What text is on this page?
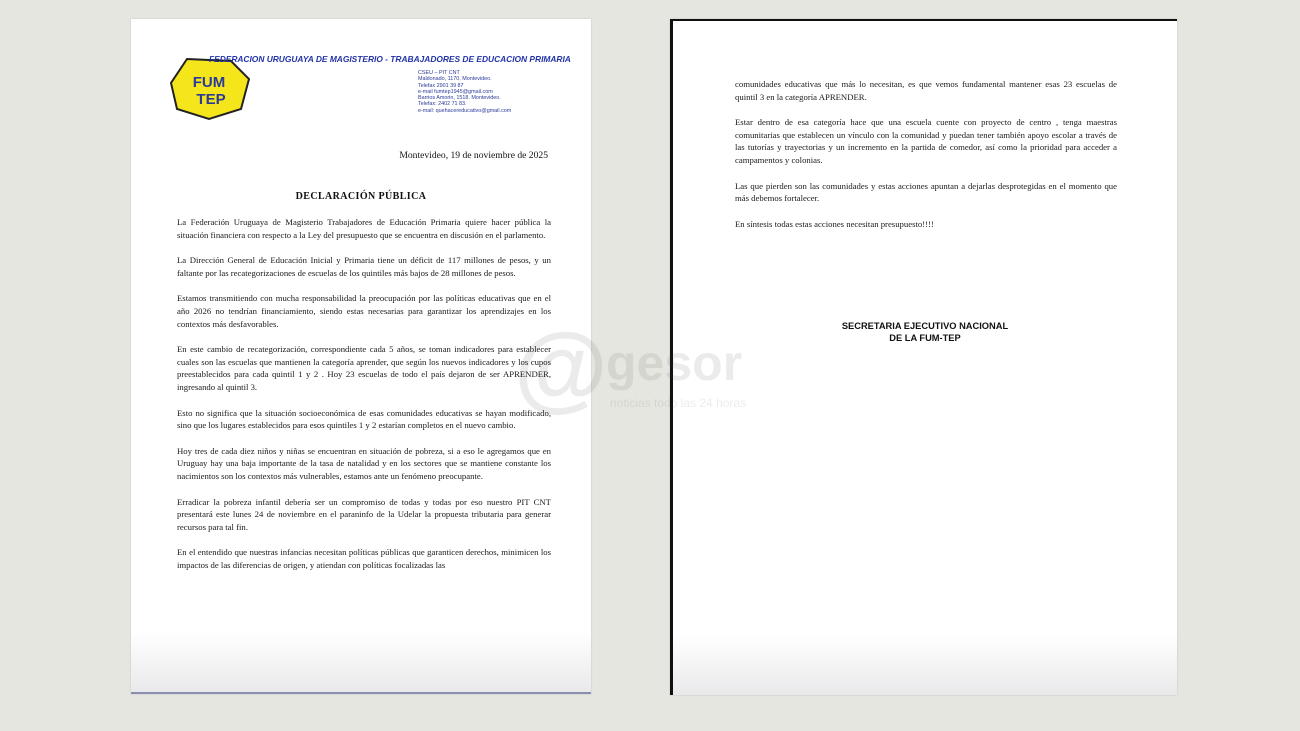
FUM
TEP
FEDERACION URUGUAYA DE MAGISTERIO - TRABAJADORES DE EDUCACION PRIMARIA
CSEU – PIT CNT
Maldonado, 1170. Montevideo.
Telefax 2901 39 87
e-mail fumtep1945@gmail.com
Barrios Amorin, 1518. Montevideo.
Telefax: 2402 71 83.
e-mail: quehacereducativo@gmail.com
Montevideo, 19 de noviembre de 2025
DECLARACIÓN PÚBLICA

La Federación Uruguaya de Magisterio Trabajadores de Educación Primaria quiere hacer pública la situación financiera con respecto a la Ley del presupuesto que se encuentra en discusión en el parlamento.

La Dirección General de Educación Inicial y Primaria tiene un déficit de 117 millones de pesos, y un faltante por las recategorizaciones de escuelas de los quintiles más bajos de 28 millones de pesos.

Estamos transmitiendo con mucha responsabilidad la preocupación por las políticas educativas que en el año 2026 no tendrían financiamiento, siendo estas necesarias para garantizar los aprendizajes en los contextos más desfavorables.

En este cambio de recategorización, correspondiente cada 5 años, se toman indicadores para establecer cuales son las escuelas que mantienen la categoría aprender, que según los nuevos indicadores y los cupos preestablecidos para cada quintil 1 y 2 . Hoy 23 escuelas de todo el país dejaron de ser APRENDER, ingresando al quintil 3.

Esto no significa que la situación socioeconómica de esas comunidades educativas se hayan modificado, sino que los lugares establecidos para esos quintiles 1 y 2 estarían completos en el nuevo cambio.

Hoy tres de cada diez niños y niñas se encuentran en situación de pobreza, si a eso le agregamos que en Uruguay hay una baja importante de la tasa de natalidad y en los sectores que se mantiene constante los nacimientos son los contextos más vulnerables, estamos ante un fenómeno preocupante.

Erradicar la pobreza infantil debería ser un compromiso de todas y todas por eso nuestro PIT CNT presentará este lunes 24 de noviembre en el paraninfo de la Udelar la propuesta tributaria para generar recursos para tal fin.

En el entendido que nuestras infancias necesitan políticas públicas que garanticen derechos, minimicen los impactos de las diferencias de origen, y atiendan con políticas focalizadas las

comunidades educativas que más lo necesitan, es que vemos fundamental mantener esas 23 escuelas de quintil 3 en la categoría APRENDER.

Estar dentro de esa categoría hace que una escuela cuente con proyecto de centro , tenga maestras comunitarias que establecen un vínculo con la comunidad y puedan tener también apoyo escolar a través de las tutorías y trayectorias y un incremento en la partida de comedor, así como la prioridad para acceder a campamentos y colonias.

Las que pierden son las comunidades y estas acciones apuntan a dejarlas desprotegidas en el momento que más debemos fortalecer.

En síntesis todas estas acciones necesitan presupuesto!!!!

SECRETARIA EJECUTIVO NACIONAL
DE LA FUM-TEP
noticias todo
